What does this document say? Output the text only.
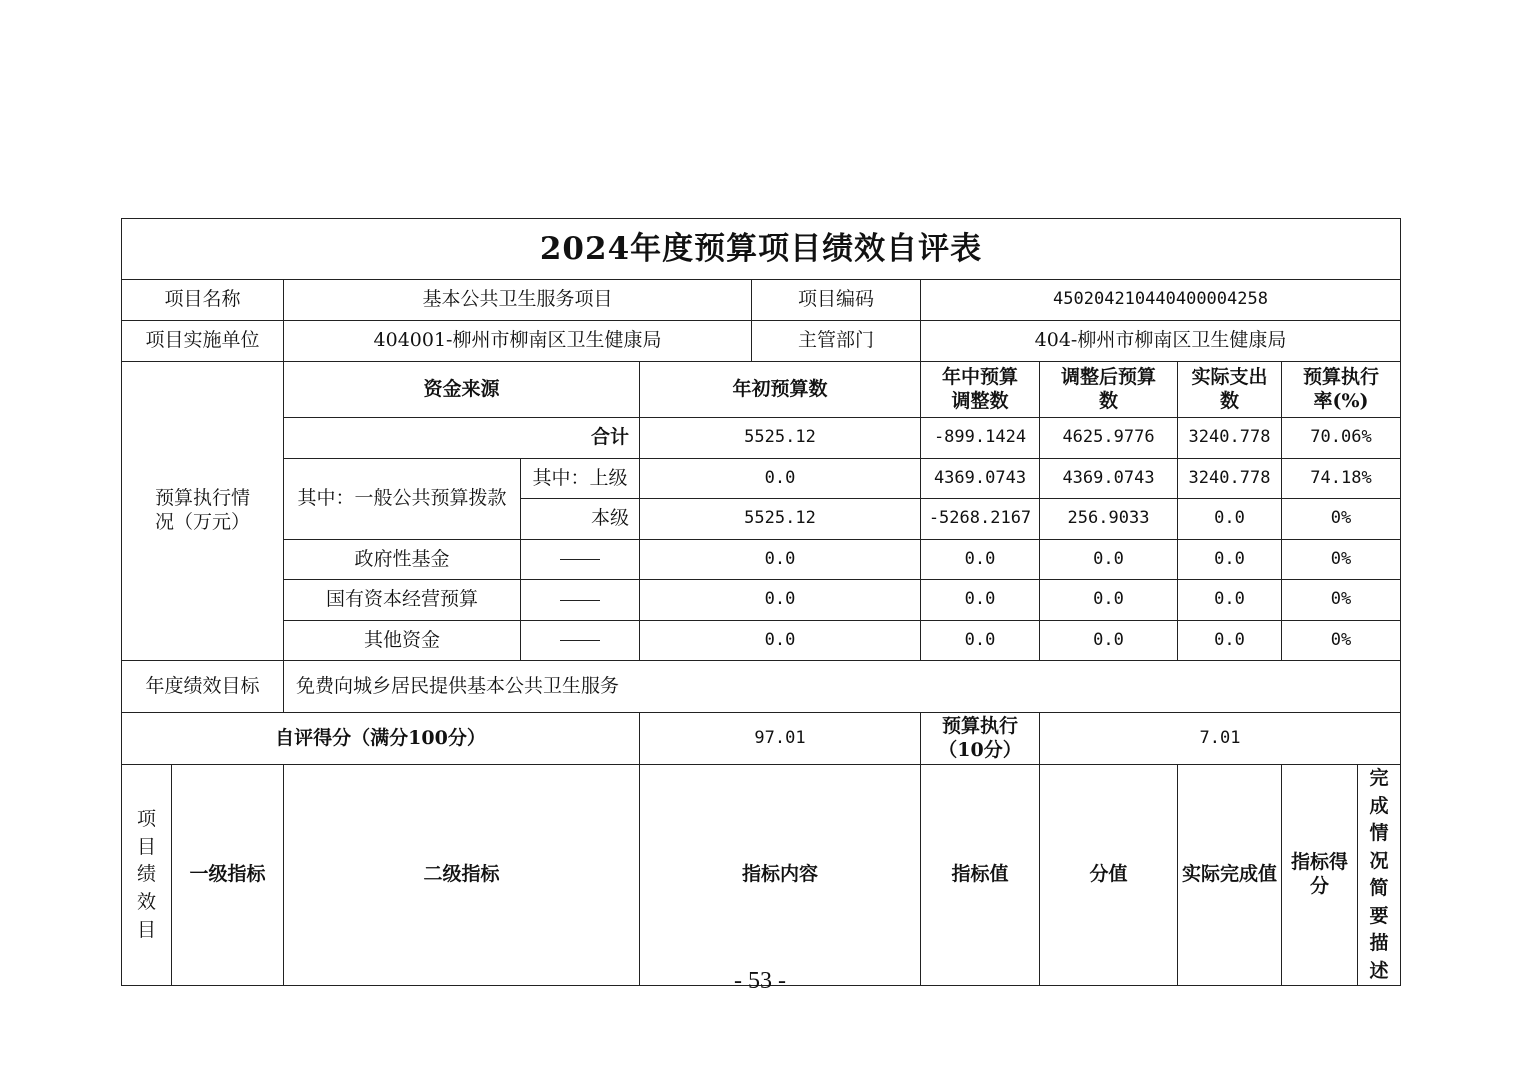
2024年度预算项目绩效自评表											
项目名称		基本公共卫生服务项目			项目编码	450204210440400004258					
项目实施单位		404001-柳州市柳南区卫生健康局			主管部门	404-柳州市柳南区卫生健康局					

预算执行情况（万元）		资金来源		年初预算数		年中预算调整数	调整后预算数	实际支出数	预算执行率(%)		

		合计		5525.12		-899.1424	4625.9776	3240.778	70.06%		
		其中：一般公共预算拨款	其中：上级	0.0		4369.0743	4369.0743	3240.778	74.18%		
			本级	5525.12		-5268.2167	256.9033	0.0	0%		
		政府性基金		0.0		0.0	0.0	0.0	0%		
		国有资本经营预算		0.0		0.0	0.0	0.0	0%		
		其他资金		0.0		0.0	0.0	0.0	0%		
年度绩效目标		免费向城乡居民提供基本公共卫生服务									
自评得分（满分100分）				97.01		预算执行（10分）	7.01				

项目绩效目	一级指标	二级指标		指标内容		指标值	分值	实际完成值	指标得分	完成情况简要描述

- 53 -
